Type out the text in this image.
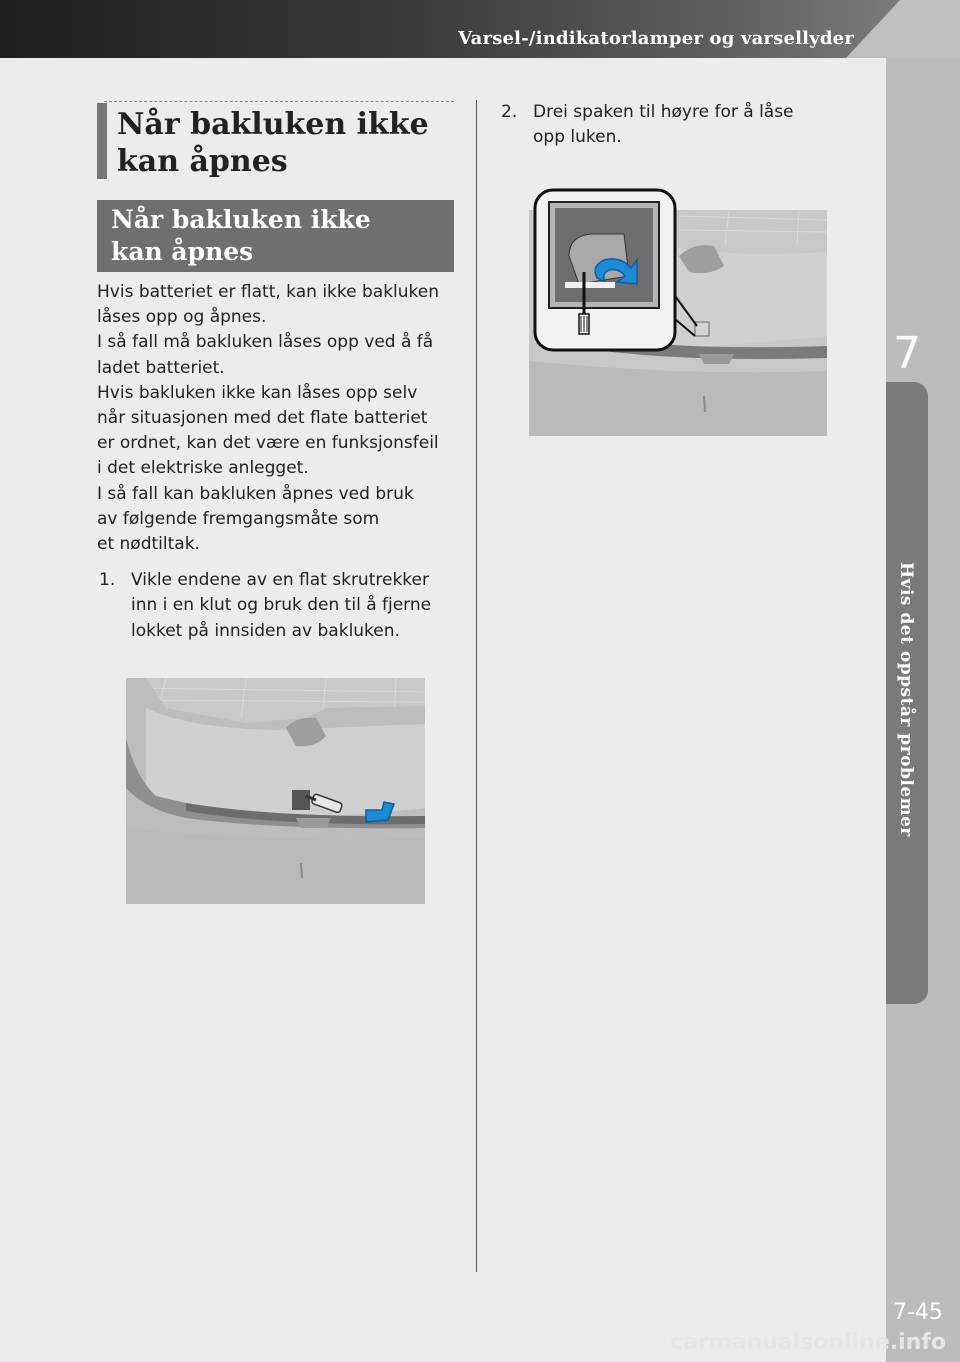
Varsel-/indikatorlamper og varsellyder
7
Hvis det oppstår problemer
7-45
carmanualsonline.info
Når bakluken ikke
kan åpnes
Når bakluken ikke
kan åpnes

Hvis batteriet er flatt, kan ikke bakluken

låses opp og åpnes.

I så fall må bakluken låses opp ved å få

ladet batteriet.

Hvis bakluken ikke kan låses opp selv

når situasjonen med det flate batteriet

er ordnet, kan det være en funksjonsfeil

i det elektriske anlegget.

I så fall kan bakluken åpnes ved bruk

av følgende fremgangsmåte som

et nødtiltak.

1. Vikle endene av en flat skrutrekker
inn i en klut og bruk den til å fjerne
lokket på innsiden av bakluken.
2. Drei spaken til høyre for å låse
opp luken.
